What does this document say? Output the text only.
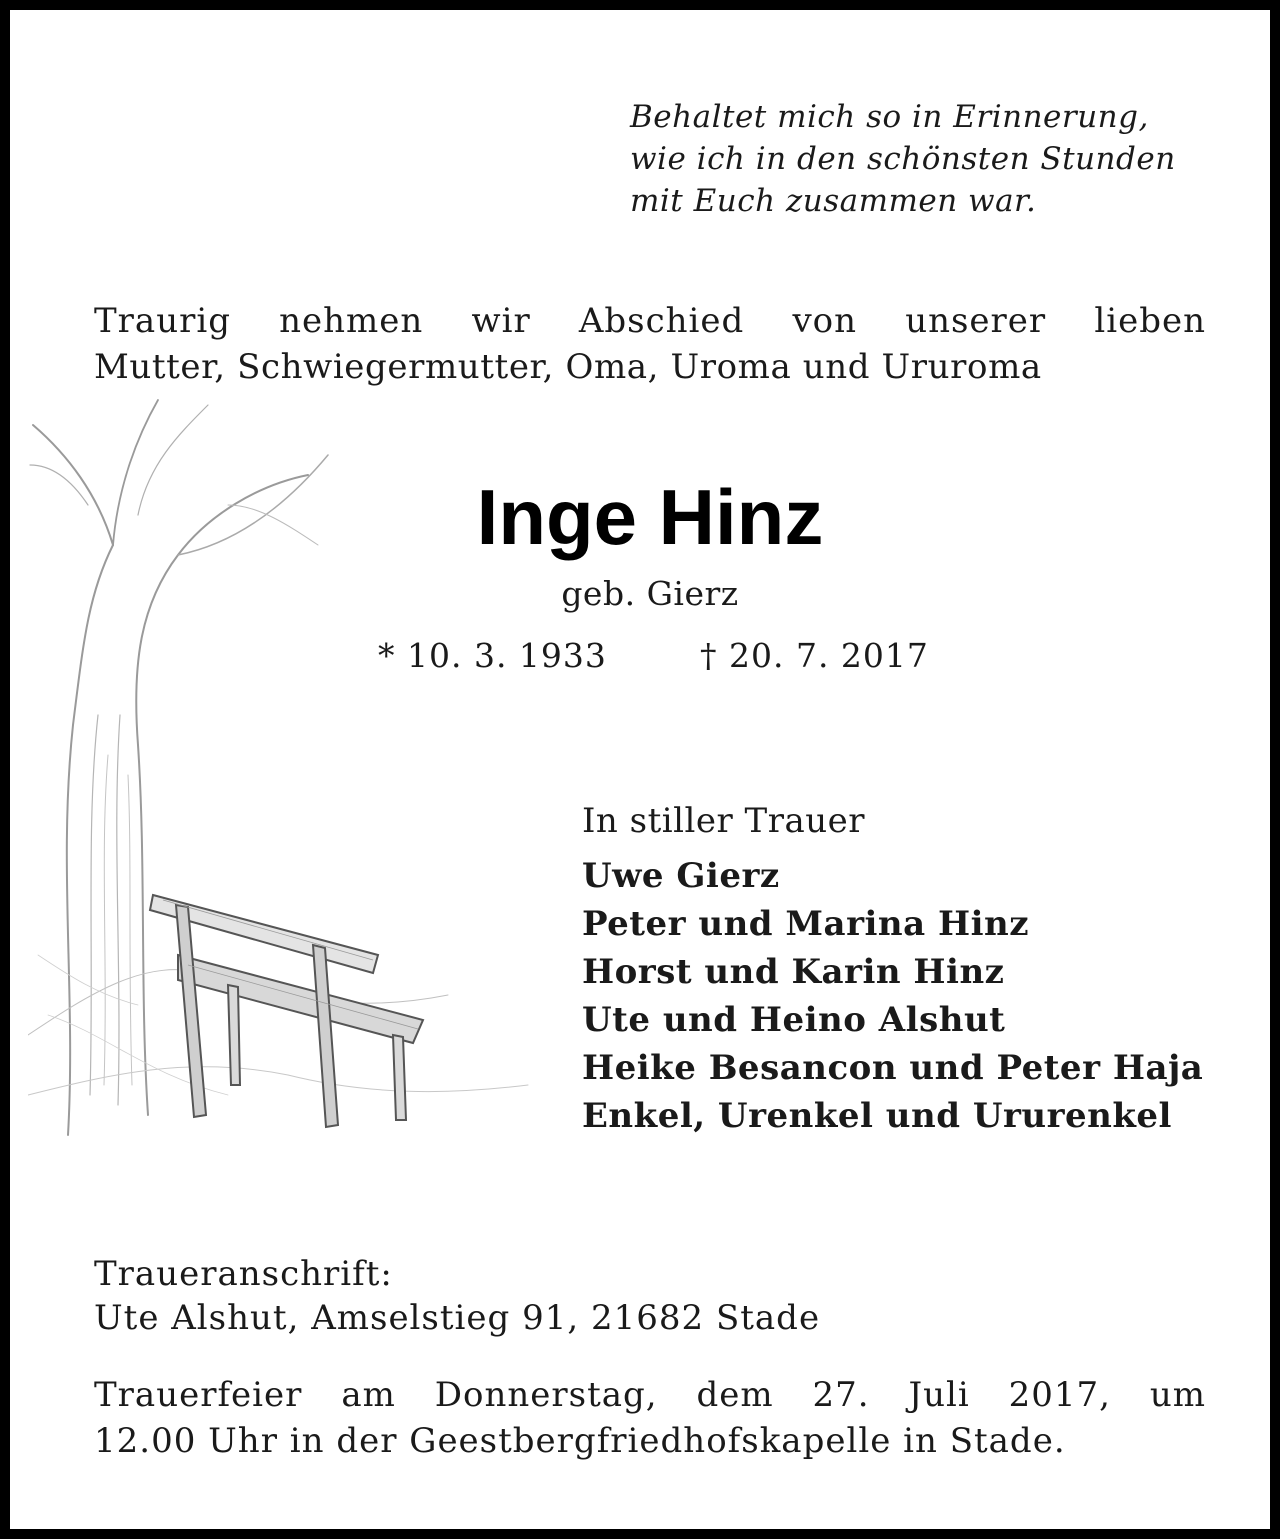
Behaltet mich so in Erinnerung,
wie ich in den schönsten Stunden
mit Euch zusammen war.
Traurig nehmen wir Abschied von unserer lieben
Mutter, Schwiegermutter, Oma, Uroma und Ururoma
Inge Hinz
geb. Gierz
* 10. 3. 1933	† 20. 7. 2017
In stiller Trauer
Uwe Gierz
Peter und Marina Hinz
Horst und Karin Hinz
Ute und Heino Alshut
Heike Besancon und Peter Haja
Enkel, Urenkel und Ururenkel
Traueranschrift:
Ute Alshut, Amselstieg 91, 21682 Stade
Trauerfeier am Donnerstag, dem 27. Juli 2017, um
12.00 Uhr in der Geestbergfriedhofskapelle in Stade.
